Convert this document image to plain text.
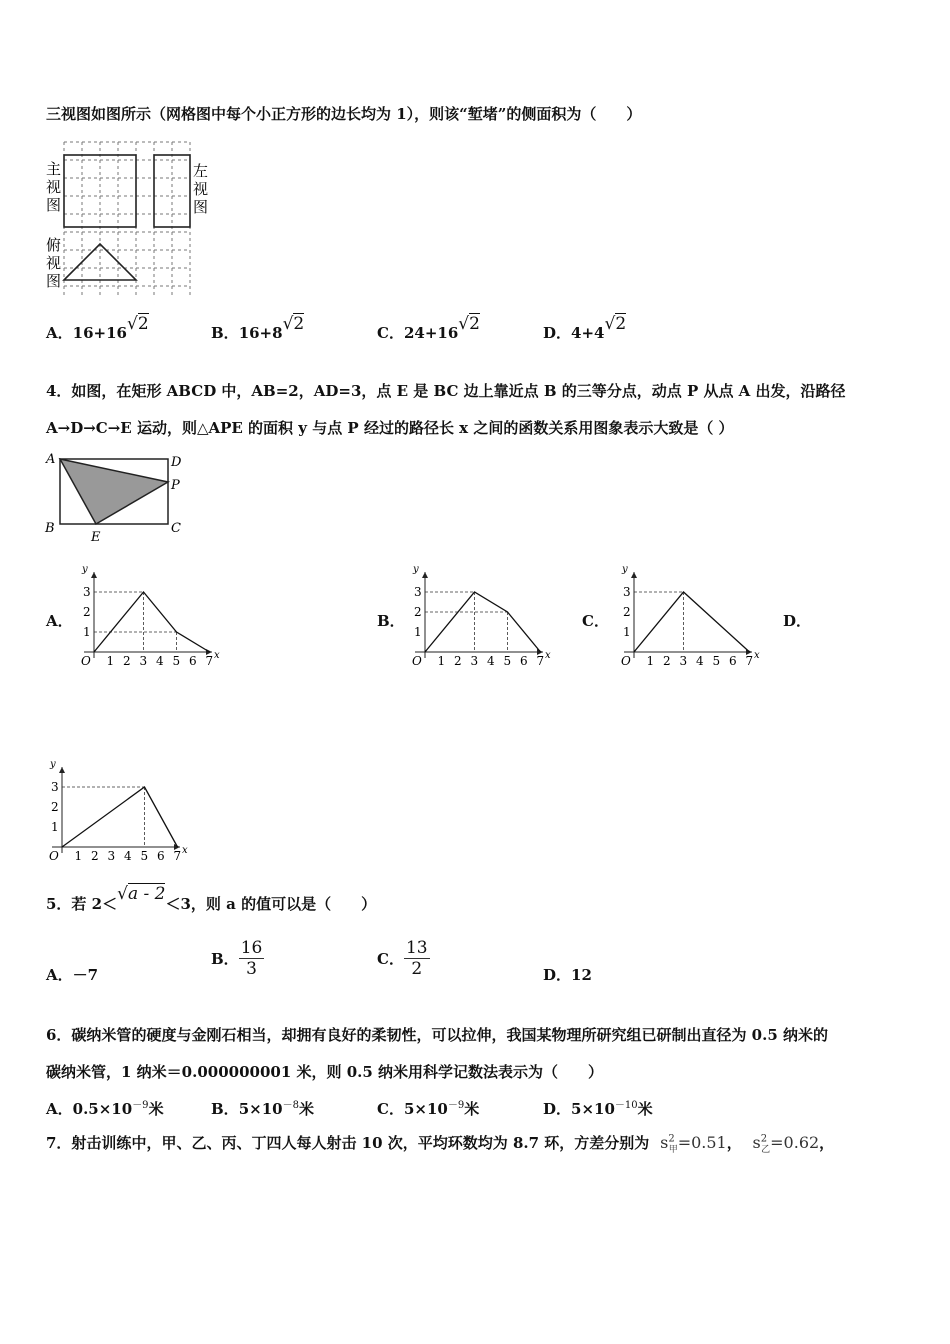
三视图如图所示（网格图中每个小正方形的边长均为 1），则该“堑堵”的侧面积为（　　）
主
视
图
左
视
图
俯
视
图
A．16+16√2	B．16+8√2	C．24+16√2	D．4+4√2
4．如图，在矩形 ABCD 中，AB=2，AD=3，点 E 是 BC 边上靠近点 B 的三等分点，动点 P 从点 A 出发，沿路径
A→D→C→E 运动，则△APE 的面积 y 与点 P 经过的路径长 x 之间的函数关系用图象表示大致是（ ）
A	D
P
B	C
E
A．	B．	C．	D．
y
x
O 1 2 3 4 5 6 7
1
2
3
y
x
O 1 2 3 4 5 6 7
1
2
3
y
x
O 1 2 3 4 5 6 7
1
2
3
y
x
O 1 2 3 4 5 6 7
1
2
3
5．若 2＜√a - 2＜3，则 a 的值可以是（　　）
A．－7
B． $\frac{16}{3}$	C． $\frac{13}{2}$	D．12
6．碳纳米管的硬度与金刚石相当，却拥有良好的柔韧性，可以拉伸，我国某物理所研究组已研制出直径为 0.5 纳米的
碳纳米管，1 纳米＝0.000000001 米，则 0.5 纳米用科学记数法表示为（　　）
A．$0.5\times 10^{-9}$米	B．$5\times 10^{-8}$米	C．$5\times 10^{-9}$米	D．$5\times 10^{-10}$米
7．射击训练中，甲、乙、丙、丁四人每人射击 10 次，平均环数均为 8.7 环，方差分别为 $s^2_甲=0.51$， $s^2_乙=0.62$，
